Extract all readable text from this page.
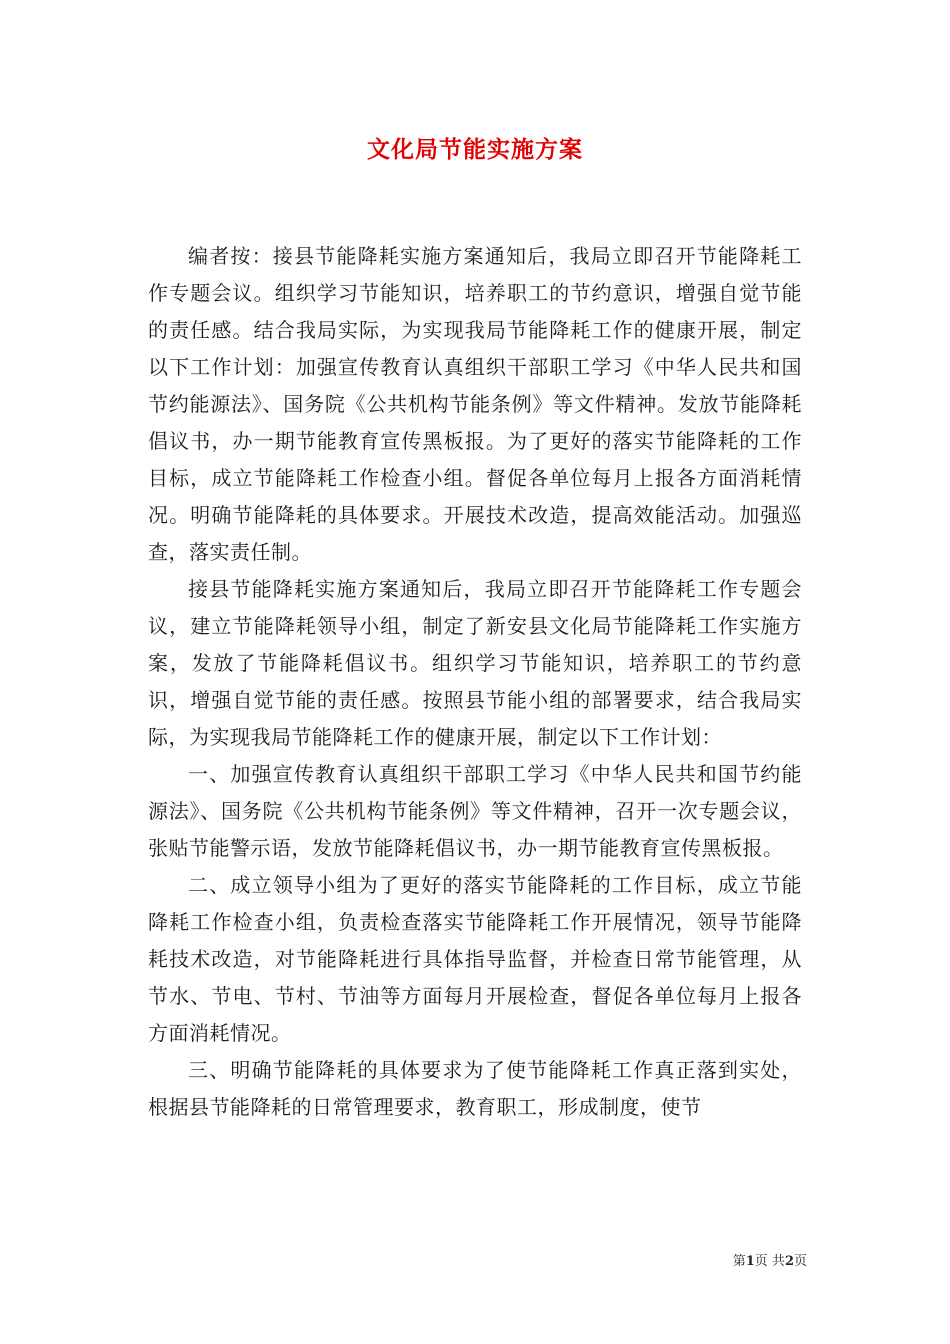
文化局节能实施方案

编者按：接县节能降耗实施方案通知后，我局立即召开节能降耗工作专题会议。组织学习节能知识，培养职工的节约意识，增强自觉节能的责任感。结合我局实际，为实现我局节能降耗工作的健康开展，制定以下工作计划：加强宣传教育认真组织干部职工学习《中华人民共和国节约能源法》、国务院《公共机构节能条例》等文件精神。发放节能降耗倡议书，办一期节能教育宣传黑板报。为了更好的落实节能降耗的工作目标，成立节能降耗工作检查小组。督促各单位每月上报各方面消耗情况。明确节能降耗的具体要求。开展技术改造，提高效能活动。加强巡查，落实责任制。

接县节能降耗实施方案通知后，我局立即召开节能降耗工作专题会议，建立节能降耗领导小组，制定了新安县文化局节能降耗工作实施方案，发放了节能降耗倡议书。组织学习节能知识，培养职工的节约意识，增强自觉节能的责任感。按照县节能小组的部署要求，结合我局实际，为实现我局节能降耗工作的健康开展，制定以下工作计划：

一、加强宣传教育认真组织干部职工学习《中华人民共和国节约能源法》、国务院《公共机构节能条例》等文件精神，召开一次专题会议，张贴节能警示语，发放节能降耗倡议书，办一期节能教育宣传黑板报。

二、成立领导小组为了更好的落实节能降耗的工作目标，成立节能降耗工作检查小组，负责检查落实节能降耗工作开展情况，领导节能降耗技术改造，对节能降耗进行具体指导监督，并检查日常节能管理，从节水、节电、节村、节油等方面每月开展检查，督促各单位每月上报各方面消耗情况。

三、明确节能降耗的具体要求为了使节能降耗工作真正落到实处，根据县节能降耗的日常管理要求，教育职工，形成制度，使节

第1页 共2页
